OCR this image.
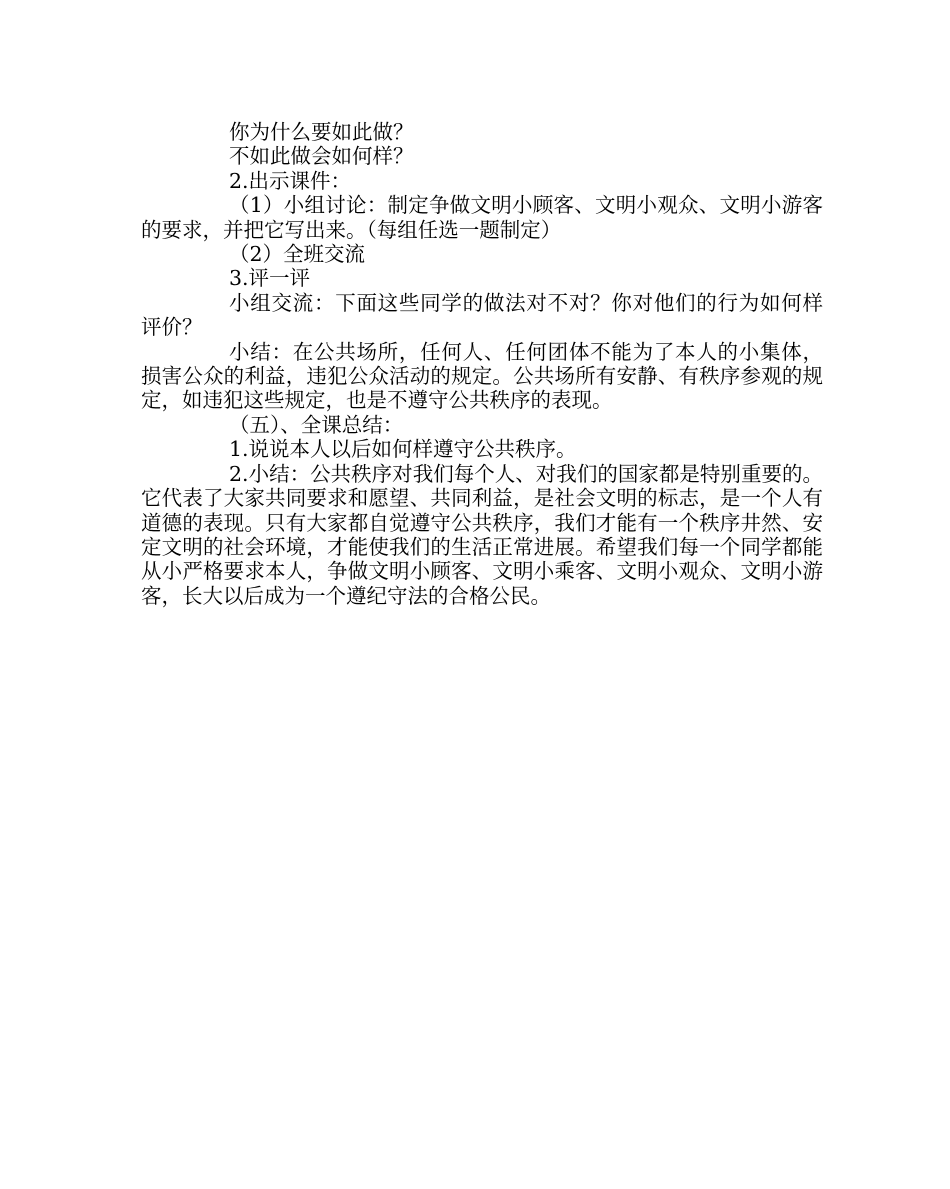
你为什么要如此做？

不如此做会如何样？

2.出示课件：

（1）小组讨论：制定争做文明小顾客、文明小观众、文明小游客的要求，并把它写出来。（每组任选一题制定）

（2）全班交流

3.评一评

小组交流：下面这些同学的做法对不对？你对他们的行为如何样评价？

小结：在公共场所，任何人、任何团体不能为了本人的小集体，损害公众的利益，违犯公众活动的规定。公共场所有安静、有秩序参观的规定，如违犯这些规定，也是不遵守公共秩序的表现。

（五）、全课总结：

1.说说本人以后如何样遵守公共秩序。

2.小结：公共秩序对我们每个人、对我们的国家都是特别重要的。它代表了大家共同要求和愿望、共同利益，是社会文明的标志，是一个人有道德的表现。只有大家都自觉遵守公共秩序，我们才能有一个秩序井然、安定文明的社会环境，才能使我们的生活正常进展。希望我们每一个同学都能从小严格要求本人，争做文明小顾客、文明小乘客、文明小观众、文明小游客，长大以后成为一个遵纪守法的合格公民。
